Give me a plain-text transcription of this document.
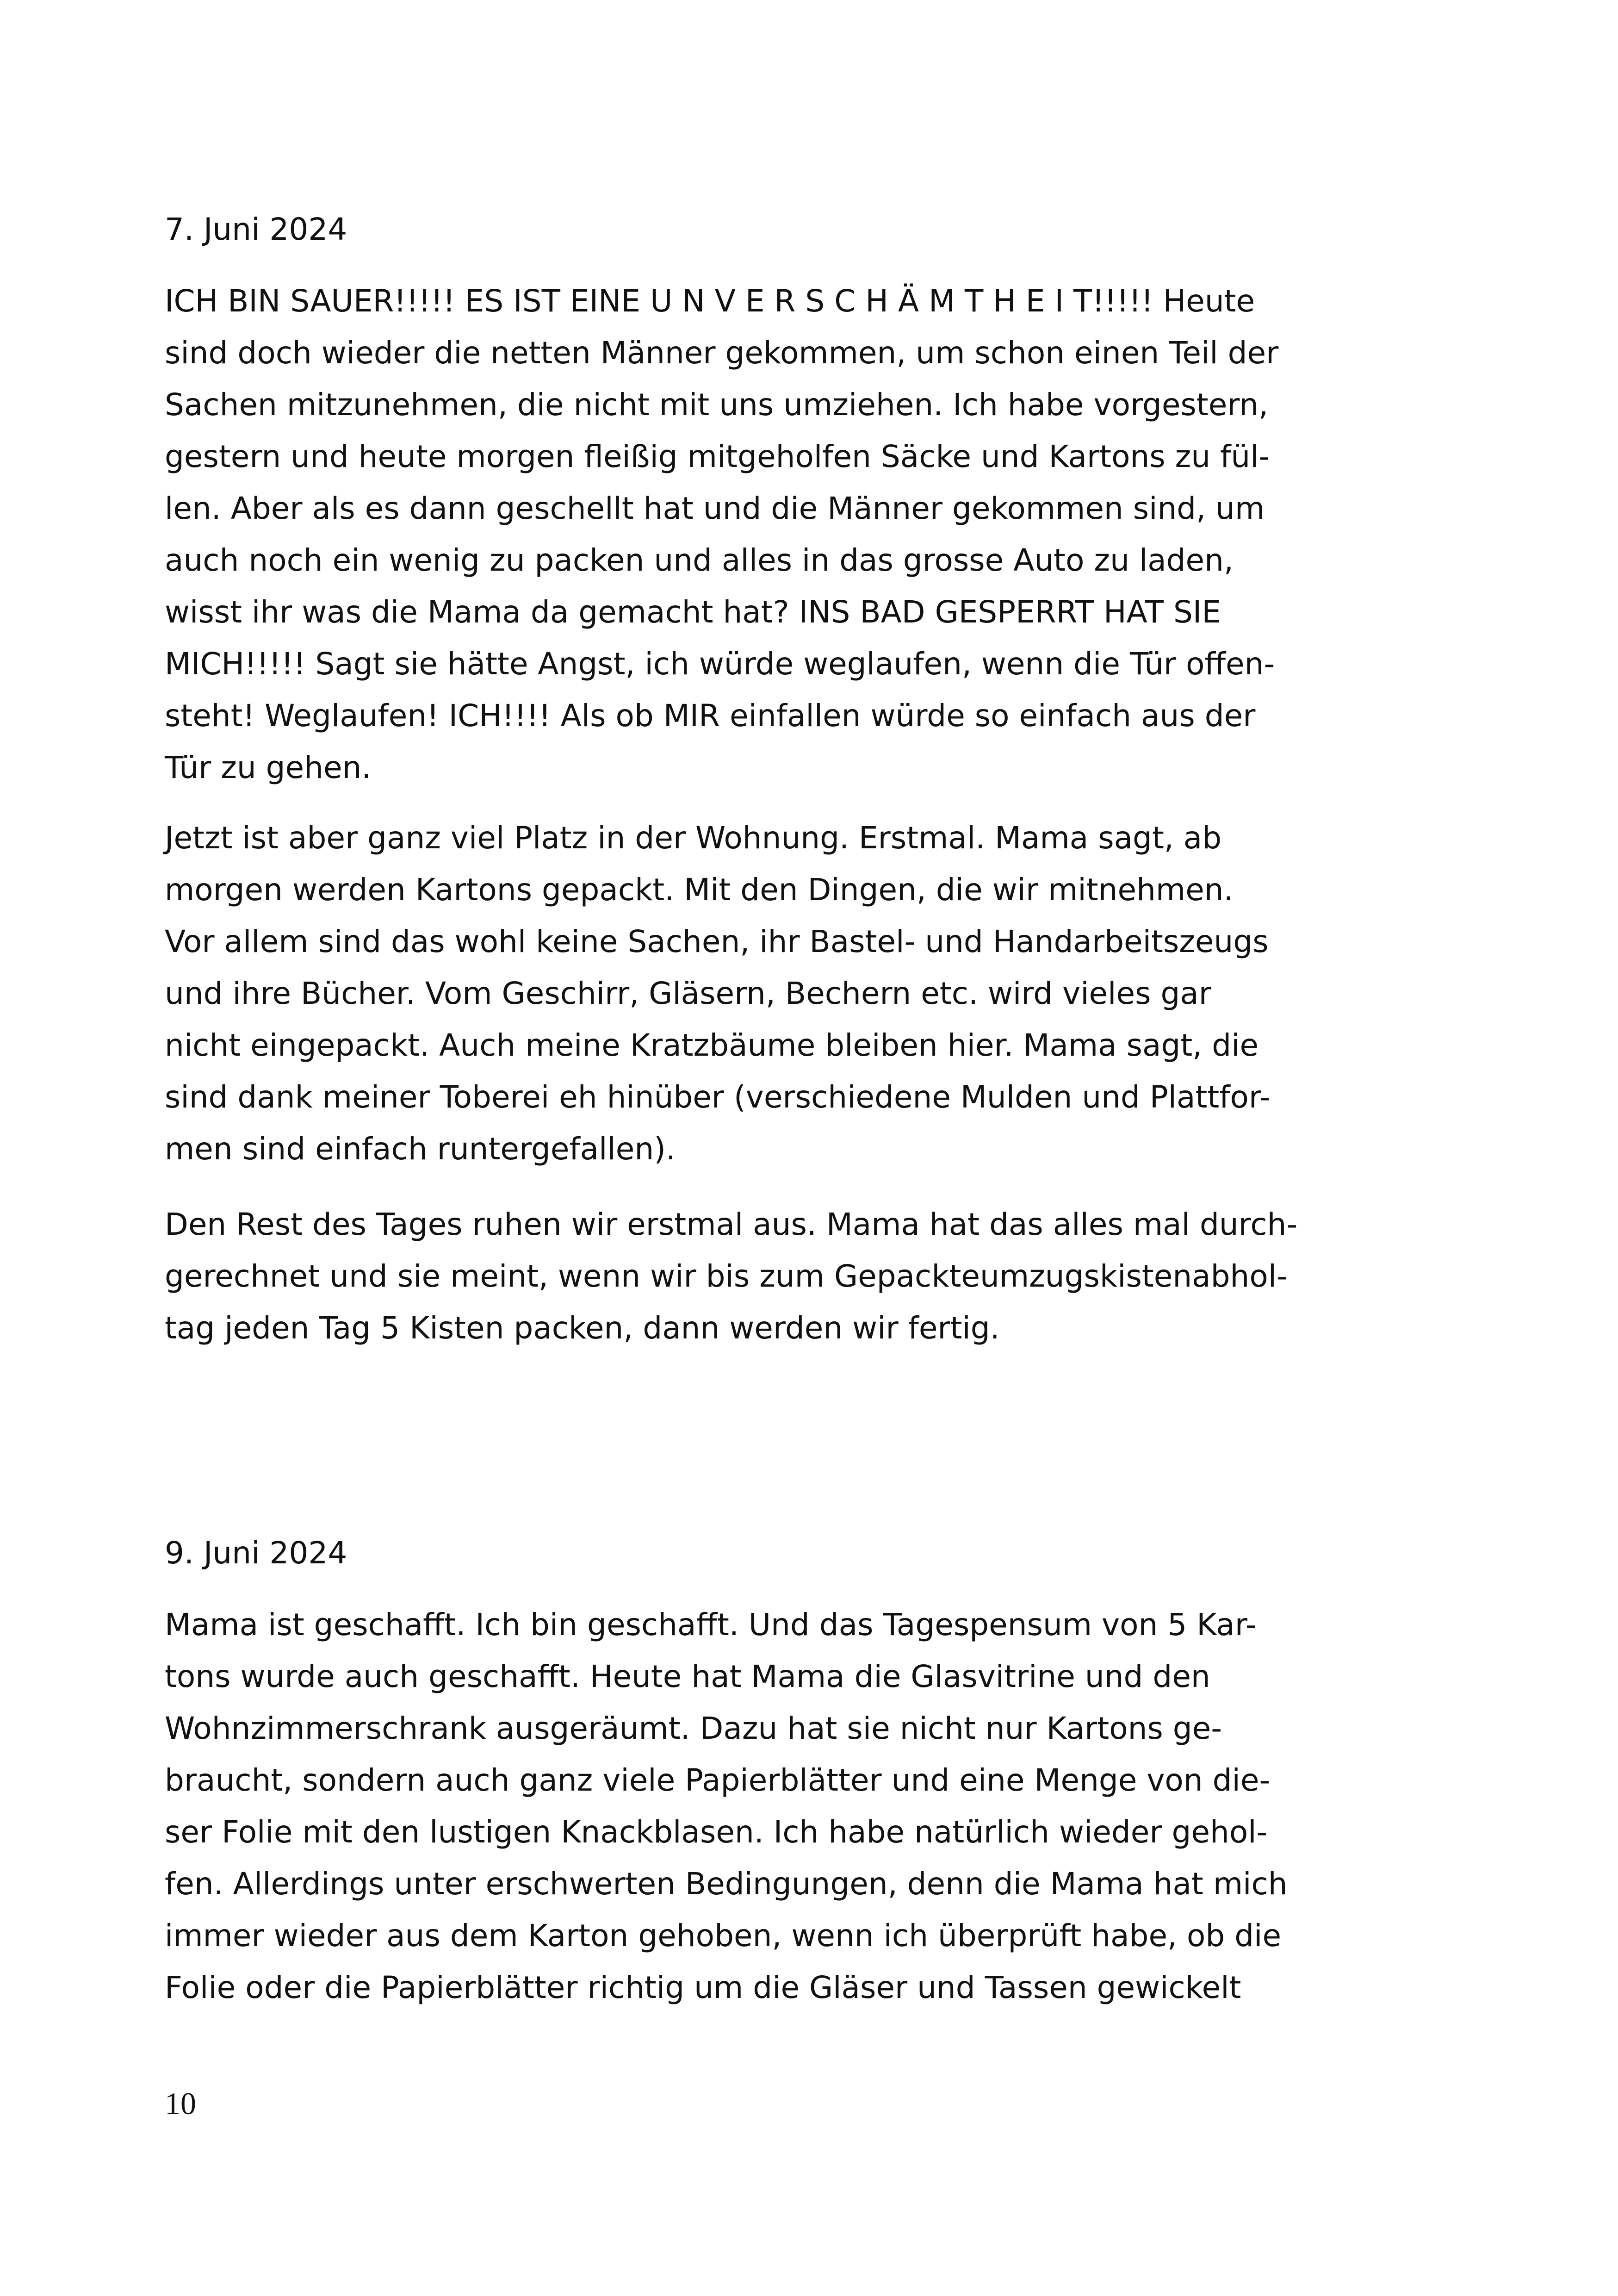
7. Juni 2024

ICH BIN SAUER!!!!! ES IST EINE U N V E R S C H Ä M T H E I T!!!!! Heute
sind doch wieder die netten Männer gekommen, um schon einen Teil der
Sachen mitzunehmen, die nicht mit uns umziehen. Ich habe vorgestern,
gestern und heute morgen fleißig mitgeholfen Säcke und Kartons zu fül-
len. Aber als es dann geschellt hat und die Männer gekommen sind, um
auch noch ein wenig zu packen und alles in das grosse Auto zu laden,
wisst ihr was die Mama da gemacht hat? INS BAD GESPERRT HAT SIE
MICH!!!!! Sagt sie hätte Angst, ich würde weglaufen, wenn die Tür offen-
steht! Weglaufen! ICH!!!! Als ob MIR einfallen würde so einfach aus der
Tür zu gehen.

Jetzt ist aber ganz viel Platz in der Wohnung. Erstmal. Mama sagt, ab
morgen werden Kartons gepackt. Mit den Dingen, die wir mitnehmen.
Vor allem sind das wohl keine Sachen, ihr Bastel- und Handarbeitszeugs
und ihre Bücher. Vom Geschirr, Gläsern, Bechern etc. wird vieles gar
nicht eingepackt. Auch meine Kratzbäume bleiben hier. Mama sagt, die
sind dank meiner Toberei eh hinüber (verschiedene Mulden und Plattfor-
men sind einfach runtergefallen).

Den Rest des Tages ruhen wir erstmal aus. Mama hat das alles mal durch-
gerechnet und sie meint, wenn wir bis zum Gepackteumzugskistenabhol-
tag jeden Tag 5 Kisten packen, dann werden wir fertig.

9. Juni 2024

Mama ist geschafft. Ich bin geschafft. Und das Tagespensum von 5 Kar-
tons wurde auch geschafft. Heute hat Mama die Glasvitrine und den
Wohnzimmerschrank ausgeräumt. Dazu hat sie nicht nur Kartons ge-
braucht, sondern auch ganz viele Papierblätter und eine Menge von die-
ser Folie mit den lustigen Knackblasen. Ich habe natürlich wieder gehol-
fen. Allerdings unter erschwerten Bedingungen, denn die Mama hat mich
immer wieder aus dem Karton gehoben, wenn ich überprüft habe, ob die
Folie oder die Papierblätter richtig um die Gläser und Tassen gewickelt

10
